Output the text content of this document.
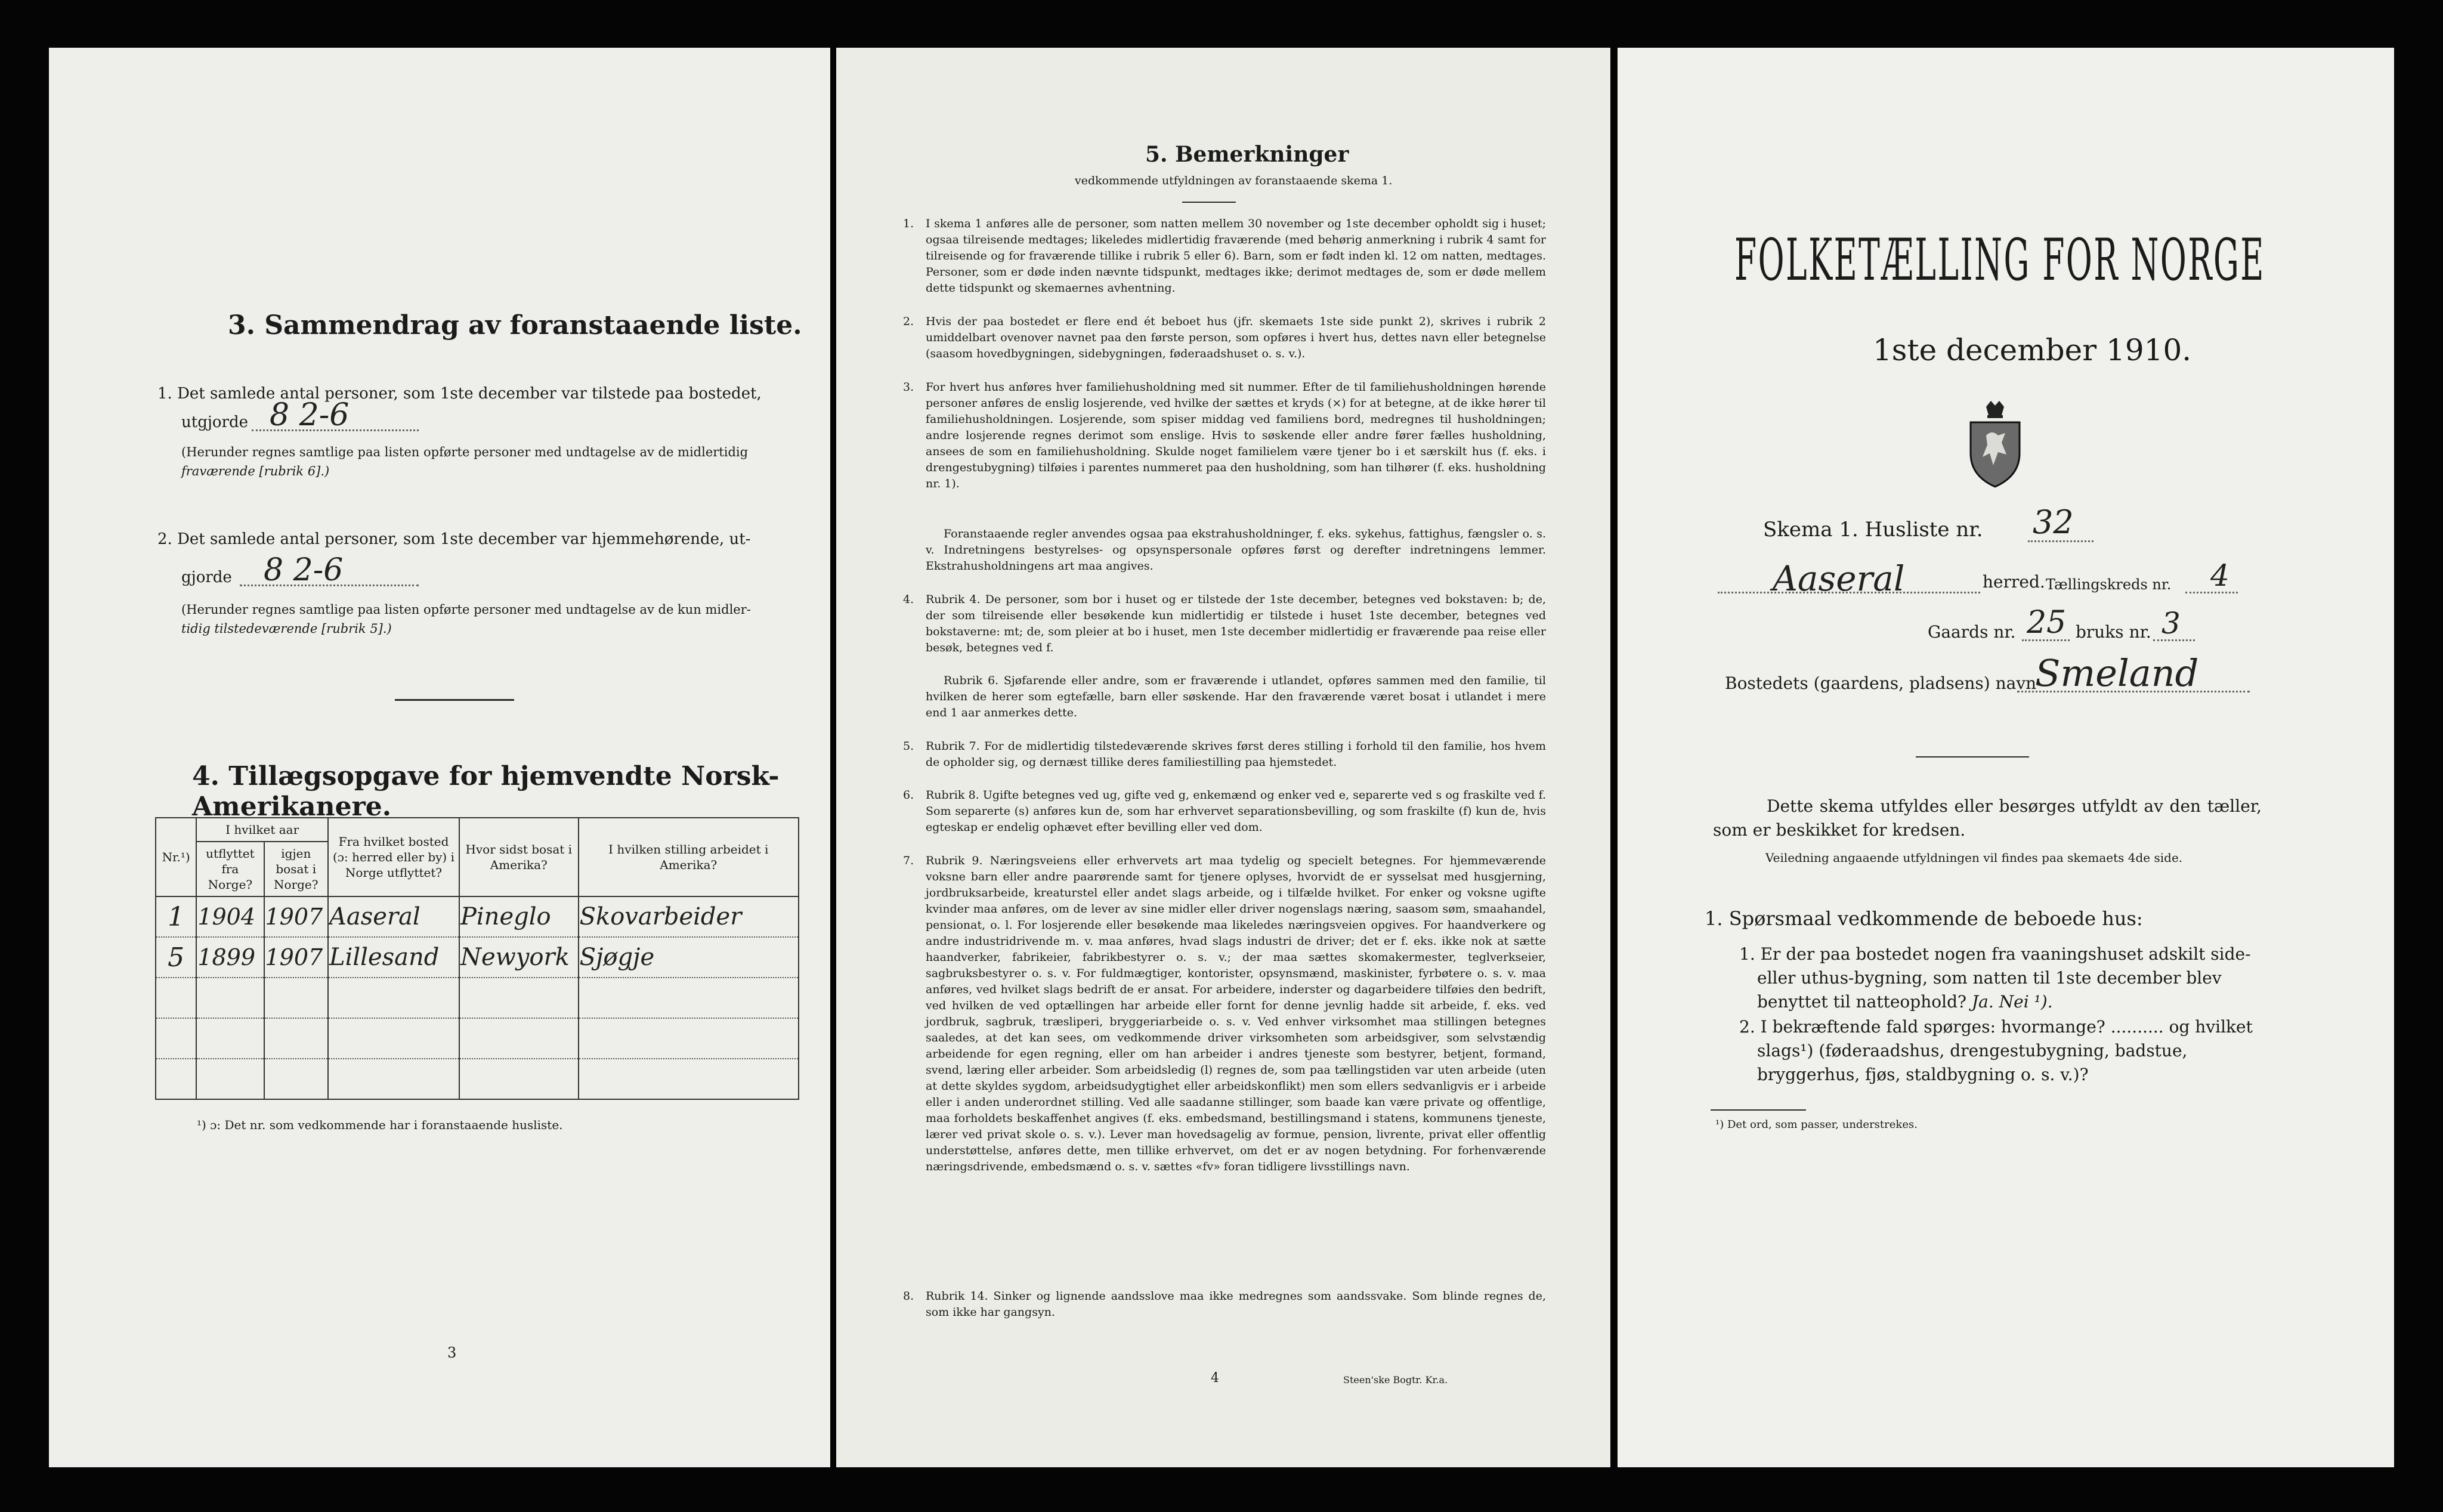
3. Sammendrag av foranstaaende liste.
1. Det samlede antal personer, som 1ste december var tilstede paa bostedet,
utgjorde 8 2-6
(Herunder regnes samtlige paa listen opførte personer med undtagelse av de midlertidig
fraværende [rubrik 6].)
2. Det samlede antal personer, som 1ste december var hjemmehørende, ut-
gjorde 8 2-6
(Herunder regnes samtlige paa listen opførte personer med undtagelse av de kun midler-
tidig tilstedeværende [rubrik 5].)
4. Tillægsopgave for hjemvendte Norsk-Amerikanere.
Nr.¹)	I hvilket aar		Fra hvilket bosted (ɔ: herred eller by) i Norge utflyttet?	Hvor sidst bosat i Amerika?	I hvilken stilling arbeidet i Amerika?
	utflyttet fra Norge?	igjen bosat i Norge?			
1	1904	1907	Aaseral	Pineglo	Skovarbeider
5	1899	1907	Lillesand	Newyork	Sjøgje

¹) ɔ: Det nr. som vedkommende har i foranstaaende husliste.
3
5. Bemerkninger
vedkommende utfyldningen av foranstaaende skema 1.
1. I skema 1 anføres alle de personer, som natten mellem 30 november og 1ste december opholdt sig i huset; ogsaa tilreisende medtages; likeledes midlertidig fraværende (med behørig anmerkning i rubrik 4 samt for tilreisende og for fraværende tillike i rubrik 5 eller 6). Barn, som er født inden kl. 12 om natten, medtages. Personer, som er døde inden nævnte tidspunkt, medtages ikke; derimot medtages de, som er døde mellem dette tidspunkt og skemaernes avhentning.
2. Hvis der paa bostedet er flere end ét beboet hus (jfr. skemaets 1ste side punkt 2), skrives i rubrik 2 umiddelbart ovenover navnet paa den første person, som opføres i hvert hus, dettes navn eller betegnelse (saasom hovedbygningen, sidebygningen, føderaadshuset o. s. v.).
3. For hvert hus anføres hver familiehusholdning med sit nummer. Efter de til familiehusholdningen hørende personer anføres de enslig losjerende, ved hvilke der sættes et kryds (×) for at betegne, at de ikke hører til familiehusholdningen. Losjerende, som spiser middag ved familiens bord, medregnes til husholdningen; andre losjerende regnes derimot som enslige. Hvis to søskende eller andre fører fælles husholdning, ansees de som en familiehusholdning. Skulde noget familielem være tjener bo i et særskilt hus (f. eks. i drengestubygning) tilføies i parentes nummeret paa den husholdning, som han tilhører (f. eks. husholdning nr. 1).
Foranstaaende regler anvendes ogsaa paa ekstrahusholdninger, f. eks. sykehus, fattighus, fængsler o. s. v. Indretningens bestyrelses- og opsynspersonale opføres først og derefter indretningens lemmer. Ekstrahusholdningens art maa angives.
4. Rubrik 4. De personer, som bor i huset og er tilstede der 1ste december, betegnes ved bokstaven: b; de, der som tilreisende eller besøkende kun midlertidig er tilstede i huset 1ste december, betegnes ved bokstaverne: mt; de, som pleier at bo i huset, men 1ste december midlertidig er fraværende paa reise eller besøk, betegnes ved f.
Rubrik 6. Sjøfarende eller andre, som er fraværende i utlandet, opføres sammen med den familie, til hvilken de herer som egtefælle, barn eller søskende. Har den fraværende været bosat i utlandet i mere end 1 aar anmerkes dette.
5. Rubrik 7. For de midlertidig tilstedeværende skrives først deres stilling i forhold til den familie, hos hvem de opholder sig, og dernæst tillike deres familiestilling paa hjemstedet.
6. Rubrik 8. Ugifte betegnes ved ug, gifte ved g, enkemænd og enker ved e, separerte ved s og fraskilte ved f. Som separerte (s) anføres kun de, som har erhvervet separationsbevilling, og som fraskilte (f) kun de, hvis egteskap er endelig ophævet efter bevilling eller ved dom.
7. Rubrik 9. Næringsveiens eller erhvervets art maa tydelig og specielt betegnes. For hjemmeværende voksne barn eller andre paarørende samt for tjenere oplyses, hvorvidt de er sysselsat med husgjerning, jordbruksarbeide, kreaturstel eller andet slags arbeide, og i tilfælde hvilket. For enker og voksne ugifte kvinder maa anføres, om de lever av sine midler eller driver nogenslags næring, saasom søm, smaahandel, pensionat, o. l. For losjerende eller besøkende maa likeledes næringsveien opgives. For haandverkere og andre industridrivende m. v. maa anføres, hvad slags industri de driver; det er f. eks. ikke nok at sætte haandverker, fabrikeier, fabrikbestyrer o. s. v.; der maa sættes skomakermester, teglverkseier, sagbruksbestyrer o. s. v. For fuldmægtiger, kontorister, opsynsmænd, maskinister, fyrbøtere o. s. v. maa anføres, ved hvilket slags bedrift de er ansat. For arbeidere, inderster og dagarbeidere tilføies den bedrift, ved hvilken de ved optællingen har arbeide eller fornt for denne jevnlig hadde sit arbeide, f. eks. ved jordbruk, sagbruk, træsliperi, bryggeriarbeide o. s. v. Ved enhver virksomhet maa stillingen betegnes saaledes, at det kan sees, om vedkommende driver virksomheten som arbeidsgiver, som selvstændig arbeidende for egen regning, eller om han arbeider i andres tjeneste som bestyrer, betjent, formand, svend, læring eller arbeider. Som arbeidsledig (l) regnes de, som paa tællingstiden var uten arbeide (uten at dette skyldes sygdom, arbeidsudygtighet eller arbeidskonflikt) men som ellers sedvanligvis er i arbeide eller i anden underordnet stilling. Ved alle saadanne stillinger, som baade kan være private og offentlige, maa forholdets beskaffenhet angives (f. eks. embedsmand, bestillingsmand i statens, kommunens tjeneste, lærer ved privat skole o. s. v.). Lever man hovedsagelig av formue, pension, livrente, privat eller offentlig understøttelse, anføres dette, men tillike erhvervet, om det er av nogen betydning. For forhenværende næringsdrivende, embedsmænd o. s. v. sættes «fv» foran tidligere livsstillings navn.
8. Rubrik 14. Sinker og lignende aandsslove maa ikke medregnes som aandssvake. Som blinde regnes de, som ikke har gangsyn.
4	Steen'ske Bogtr. Kr.a.
FOLKETÆLLING FOR NORGE
1ste december 1910.
Skema 1. Husliste nr. 32
Aaseral	herred. Tællingskreds nr. 4
Gaards nr. 25 bruks nr. 3
Bostedets (gaardens, pladsens) navn
Smeland
Dette skema utfyldes eller besørges utfyldt av den tæller, som er beskikket for kredsen.
Veiledning angaaende utfyldningen vil findes paa skemaets 4de side.
1. Spørsmaal vedkommende de beboede hus:
1. Er der paa bostedet nogen fra vaaningshuset adskilt side- eller uthus-bygning, som natten til 1ste december blev benyttet til natteophold? Ja. Nei ¹).
2. I bekræftende fald spørges: hvormange? .......... og hvilket slags¹) (føderaadshus, drengestubygning, badstue, bryggerhus, fjøs, staldbygning o. s. v.)?
¹) Det ord, som passer, understrekes.
